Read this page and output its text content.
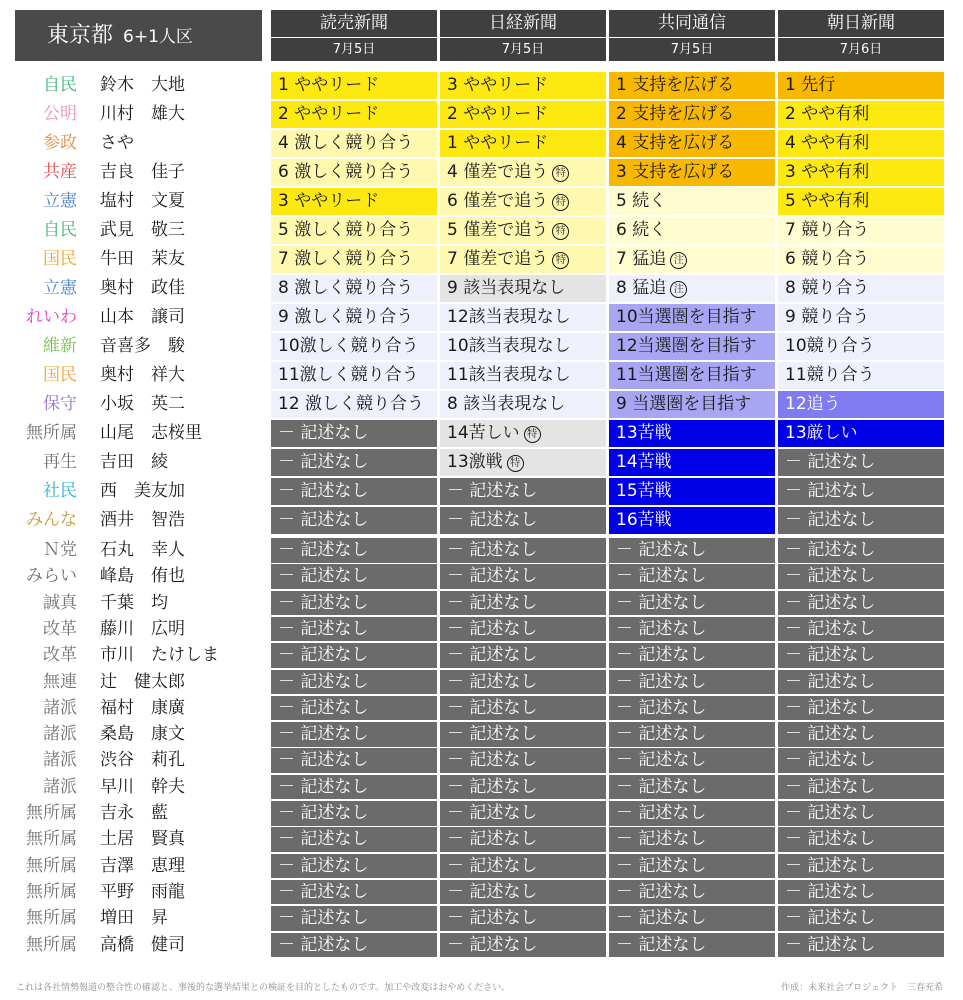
東京都 6+1人区
読売新聞	日経新聞	共同通信	朝日新聞
7月5日	7月5日	7月5日	7月6日
自民 鈴木　大地	1 ややリード	3 ややリード	1 支持を広げる	1 先行
公明 川村　雄大	2 ややリード	2 ややリード	2 支持を広げる	2 やや有利
参政 さや	4 激しく競り合う	1 ややリード	4 支持を広げる	4 やや有利
共産 吉良　佳子	6 激しく競り合う	4 僅差で追う 特	3 支持を広げる	3 やや有利
立憲 塩村　文夏	3 ややリード	6 僅差で追う 特	5 続く	5 やや有利
自民 武見　敬三	5 激しく競り合う	5 僅差で追う 特	6 続く	7 競り合う
国民 牛田　茉友	7 激しく競り合う	7 僅差で追う 特	7 猛追 注	6 競り合う
立憲 奥村　政佳	8 激しく競り合う	9 該当表現なし	8 猛追 注	8 競り合う
れいわ 山本　譲司	9 激しく競り合う	12該当表現なし	10当選圏を目指す	9 競り合う
維新 音喜多　駿	10激しく競り合う	10該当表現なし	12当選圏を目指す	10競り合う
国民 奥村　祥大	11激しく競り合う	11該当表現なし	11当選圏を目指す	11競り合う
保守 小坂　英二	12 激しく競り合う	8 該当表現なし	9 当選圏を目指す	12追う
無所属 山尾　志桜里	－ 記述なし	14苦しい 特	13苦戦	13厳しい
再生 吉田　綾	－ 記述なし	13激戦 特	14苦戦	－ 記述なし
社民 西　美友加	－ 記述なし	－ 記述なし	15苦戦	－ 記述なし
みんな 酒井　智浩	－ 記述なし	－ 記述なし	16苦戦	－ 記述なし
Ｎ党 石丸　幸人	－ 記述なし	－ 記述なし	－ 記述なし	－ 記述なし
みらい 峰島　侑也	－ 記述なし	－ 記述なし	－ 記述なし	－ 記述なし
誠真 千葉　均	－ 記述なし	－ 記述なし	－ 記述なし	－ 記述なし
改革 藤川　広明	－ 記述なし	－ 記述なし	－ 記述なし	－ 記述なし
改革 市川　たけしま	－ 記述なし	－ 記述なし	－ 記述なし	－ 記述なし
無連 辻　健太郎	－ 記述なし	－ 記述なし	－ 記述なし	－ 記述なし
諸派 福村　康廣	－ 記述なし	－ 記述なし	－ 記述なし	－ 記述なし
諸派 桑島　康文	－ 記述なし	－ 記述なし	－ 記述なし	－ 記述なし
諸派 渋谷　莉孔	－ 記述なし	－ 記述なし	－ 記述なし	－ 記述なし
諸派 早川　幹夫	－ 記述なし	－ 記述なし	－ 記述なし	－ 記述なし
無所属 吉永　藍	－ 記述なし	－ 記述なし	－ 記述なし	－ 記述なし
無所属 土居　賢真	－ 記述なし	－ 記述なし	－ 記述なし	－ 記述なし
無所属 吉澤　恵理	－ 記述なし	－ 記述なし	－ 記述なし	－ 記述なし
無所属 平野　雨龍	－ 記述なし	－ 記述なし	－ 記述なし	－ 記述なし
無所属 増田　昇	－ 記述なし	－ 記述なし	－ 記述なし	－ 記述なし
無所属 高橋　健司	－ 記述なし	－ 記述なし	－ 記述なし	－ 記述なし
これは各社情勢報道の整合性の確認と、事後的な選挙結果との検証を目的としたものです。加工や改変はおやめください。	作成：未来社会プロジェクト　三春充希
